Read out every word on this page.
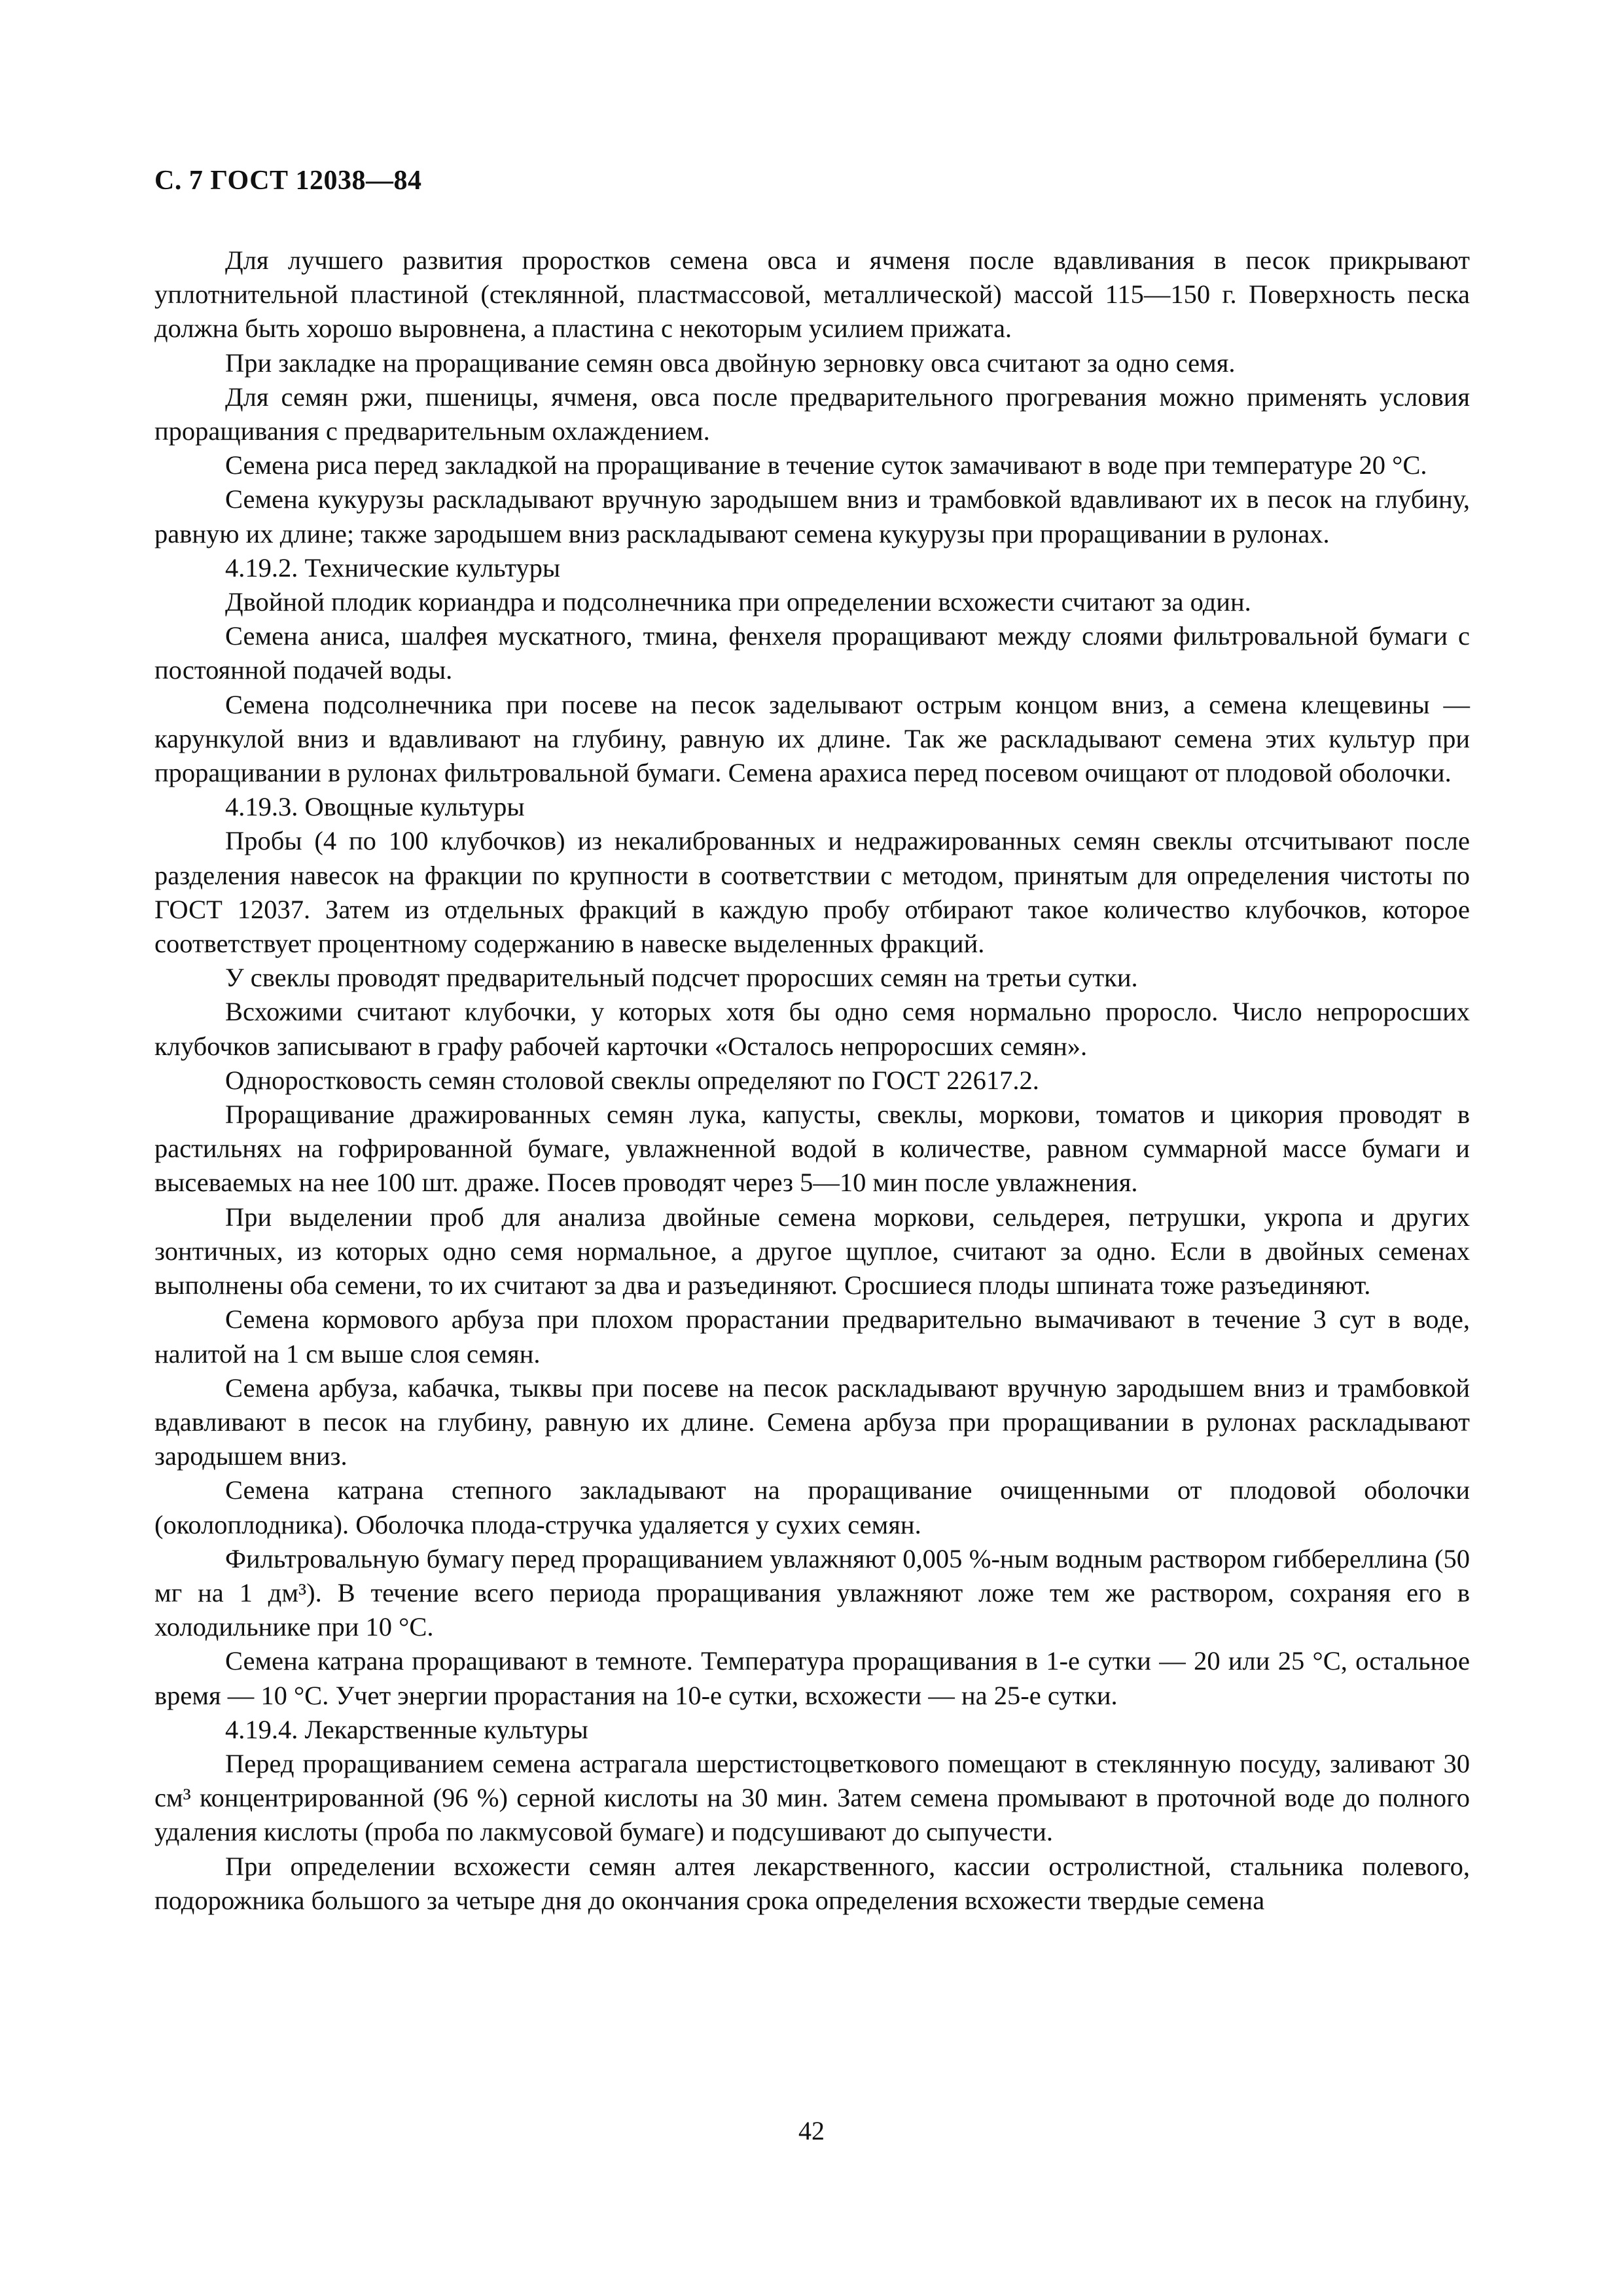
С. 7 ГОСТ 12038—84

Для лучшего развития проростков семена овса и ячменя после вдавливания в песок прикрывают уплотнительной пластиной (стеклянной, пластмассовой, металлической) массой 115—150 г. Поверхность песка должна быть хорошо выровнена, а пластина с некоторым усилием прижата.

При закладке на проращивание семян овса двойную зерновку овса считают за одно семя.

Для семян ржи, пшеницы, ячменя, овса после предварительного прогревания можно применять условия проращивания с предварительным охлаждением.

Семена риса перед закладкой на проращивание в течение суток замачивают в воде при температуре 20 °С.

Семена кукурузы раскладывают вручную зародышем вниз и трамбовкой вдавливают их в песок на глубину, равную их длине; также зародышем вниз раскладывают семена кукурузы при проращивании в рулонах.

4.19.2. Технические культуры

Двойной плодик кориандра и подсолнечника при определении всхожести считают за один.

Семена аниса, шалфея мускатного, тмина, фенхеля проращивают между слоями фильтровальной бумаги с постоянной подачей воды.

Семена подсолнечника при посеве на песок заделывают острым концом вниз, а семена клещевины — карункулой вниз и вдавливают на глубину, равную их длине. Так же раскладывают семена этих культур при проращивании в рулонах фильтровальной бумаги. Семена арахиса перед посевом очищают от плодовой оболочки.

4.19.3. Овощные культуры

Пробы (4 по 100 клубочков) из некалиброванных и недражированных семян свеклы отсчитывают после разделения навесок на фракции по крупности в соответствии с методом, принятым для определения чистоты по ГОСТ 12037. Затем из отдельных фракций в каждую пробу отбирают такое количество клубочков, которое соответствует процентному содержанию в навеске выделенных фракций.

У свеклы проводят предварительный подсчет проросших семян на третьи сутки.

Всхожими считают клубочки, у которых хотя бы одно семя нормально проросло. Число непроросших клубочков записывают в графу рабочей карточки «Осталось непроросших семян».

Одноростковость семян столовой свеклы определяют по ГОСТ 22617.2.

Проращивание дражированных семян лука, капусты, свеклы, моркови, томатов и цикория проводят в растильнях на гофрированной бумаге, увлажненной водой в количестве, равном суммарной массе бумаги и высеваемых на нее 100 шт. драже. Посев проводят через 5—10 мин после увлажнения.

При выделении проб для анализа двойные семена моркови, сельдерея, петрушки, укропа и других зонтичных, из которых одно семя нормальное, а другое щуплое, считают за одно. Если в двойных семенах выполнены оба семени, то их считают за два и разъединяют. Сросшиеся плоды шпината тоже разъединяют.

Семена кормового арбуза при плохом прорастании предварительно вымачивают в течение 3 сут в воде, налитой на 1 см выше слоя семян.

Семена арбуза, кабачка, тыквы при посеве на песок раскладывают вручную зародышем вниз и трамбовкой вдавливают в песок на глубину, равную их длине. Семена арбуза при проращивании в рулонах раскладывают зародышем вниз.

Семена катрана степного закладывают на проращивание очищенными от плодовой оболочки (околоплодника). Оболочка плода-стручка удаляется у сухих семян.

Фильтровальную бумагу перед проращиванием увлажняют 0,005 %-ным водным раствором гиббереллина (50 мг на 1 дм³). В течение всего периода проращивания увлажняют ложе тем же раствором, сохраняя его в холодильнике при 10 °С.

Семена катрана проращивают в темноте. Температура проращивания в 1-е сутки — 20 или 25 °С, остальное время — 10 °С. Учет энергии прорастания на 10-е сутки, всхожести — на 25-е сутки.

4.19.4. Лекарственные культуры

Перед проращиванием семена астрагала шерстистоцветкового помещают в стеклянную посуду, заливают 30 см³ концентрированной (96 %) серной кислоты на 30 мин. Затем семена промывают в проточной воде до полного удаления кислоты (проба по лакмусовой бумаге) и подсушивают до сыпучести.

При определении всхожести семян алтея лекарственного, кассии остролистной, стальника полевого, подорожника большого за четыре дня до окончания срока определения всхожести твердые семена

42
